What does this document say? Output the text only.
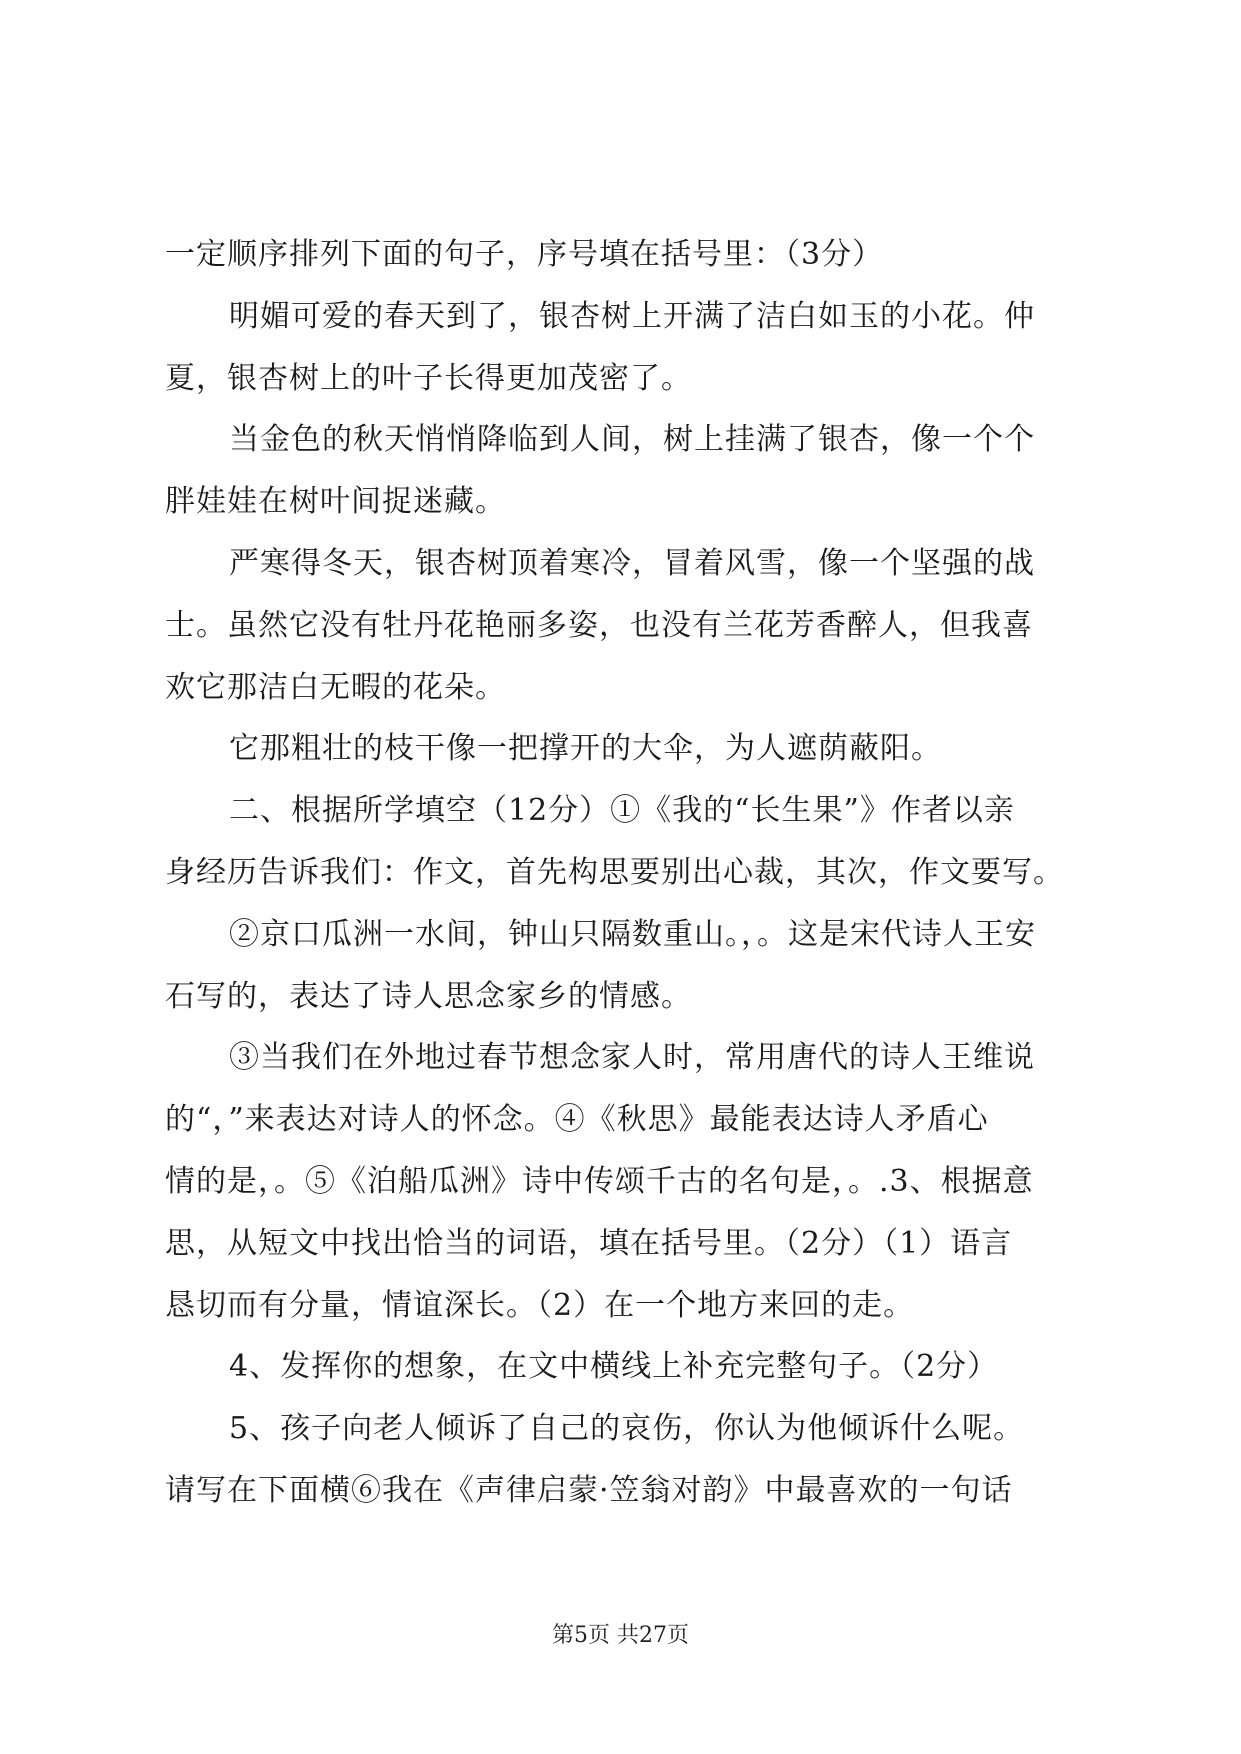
一定顺序排列下面的句子，序号填在括号里：（3分）
明媚可爱的春天到了，银杏树上开满了洁白如玉的小花。仲
夏，银杏树上的叶子长得更加茂密了。
当金色的秋天悄悄降临到人间，树上挂满了银杏，像一个个
胖娃娃在树叶间捉迷藏。
严寒得冬天，银杏树顶着寒冷，冒着风雪，像一个坚强的战
士。虽然它没有牡丹花艳丽多姿，也没有兰花芳香醉人，但我喜
欢它那洁白无暇的花朵。
它那粗壮的枝干像一把撑开的大伞，为人遮荫蔽阳。
二、根据所学填空（12分）①《我的“长生果”》作者以亲
身经历告诉我们：作文，首先构思要别出心裁，其次，作文要写。
②京口瓜洲一水间，钟山只隔数重山。，。这是宋代诗人王安
石写的，表达了诗人思念家乡的情感。
③当我们在外地过春节想念家人时，常用唐代的诗人王维说
的“，”来表达对诗人的怀念。④《秋思》最能表达诗人矛盾心
情的是，。⑤《泊船瓜洲》诗中传颂千古的名句是，。.3、根据意
思，从短文中找出恰当的词语，填在括号里。（2分）（1）语言
恳切而有分量，情谊深长。（2）在一个地方来回的走。
4、发挥你的想象，在文中横线上补充完整句子。（2分）
5、孩子向老人倾诉了自己的哀伤，你认为他倾诉什么呢。
请写在下面横⑥我在《声律启蒙·笠翁对韵》中最喜欢的一句话
第5页 共27页
